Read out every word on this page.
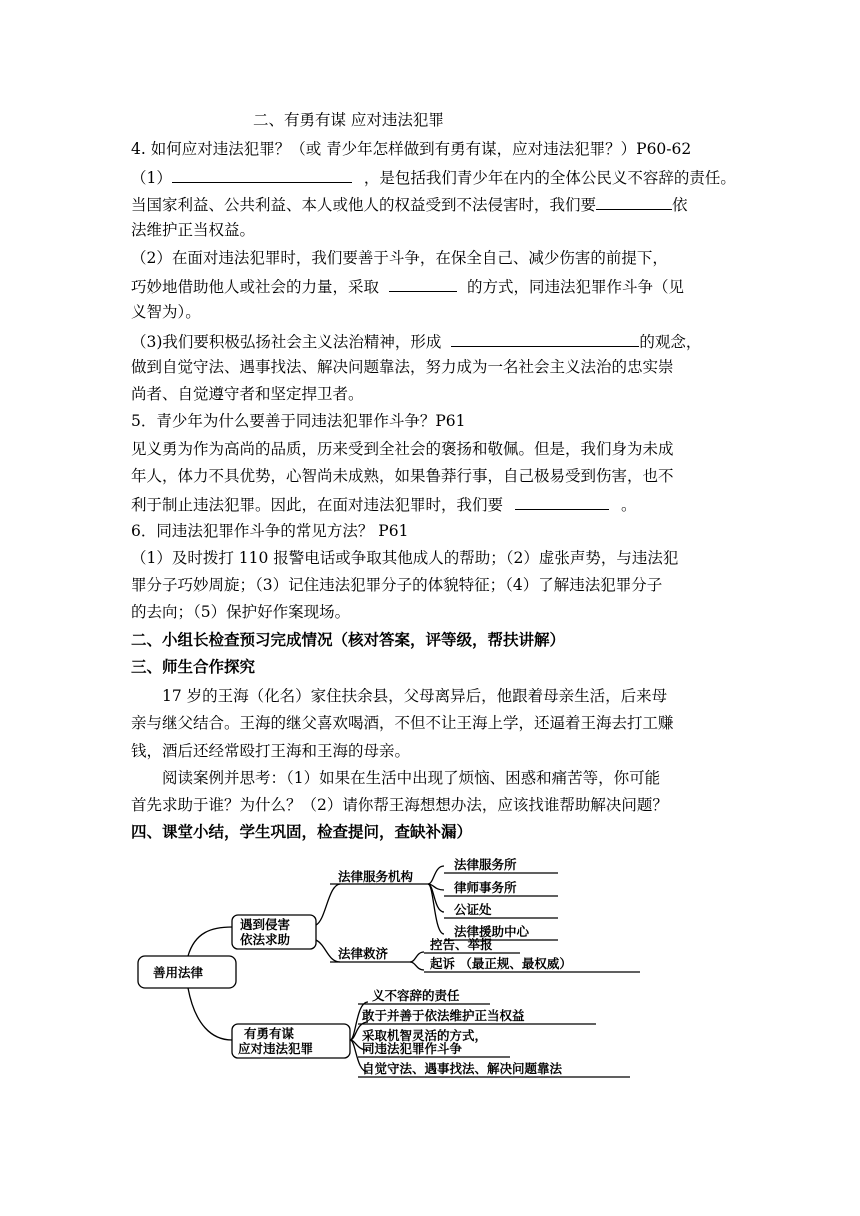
二、有勇有谋 应对违法犯罪
4. 如何应对违法犯罪？（或 青少年怎样做到有勇有谋，应对违法犯罪？）P60-62
（1）	，是包括我们青少年在内的全体公民义不容辞的责任。
当国家利益、公共利益、本人或他人的权益受到不法侵害时，我们要	依
法维护正当权益。
（2）在面对违法犯罪时，我们要善于斗争，在保全自己、减少伤害的前提下，
巧妙地借助他人或社会的力量，采取	的方式，同违法犯罪作斗争（见
义智为）。
（3)我们要积极弘扬社会主义法治精神，形成	的观念，
做到自觉守法、遇事找法、解决问题靠法，努力成为一名社会主义法治的忠实崇
尚者、自觉遵守者和坚定捍卫者。
5．青少年为什么要善于同违法犯罪作斗争？P61
见义勇为作为高尚的品质，历来受到全社会的褒扬和敬佩。但是，我们身为未成
年人，体力不具优势，心智尚未成熟，如果鲁莽行事，自己极易受到伤害，也不
利于制止违法犯罪。因此，在面对违法犯罪时，我们要	。
6．同违法犯罪作斗争的常见方法？ P61
（1）及时拨打 110 报警电话或争取其他成人的帮助；（2）虚张声势，与违法犯
罪分子巧妙周旋；（3）记住违法犯罪分子的体貌特征；（4）了解违法犯罪分子
的去向；（5）保护好作案现场。
二、小组长检查预习完成情况（核对答案，评等级，帮扶讲解）
三、师生合作探究
17 岁的王海（化名）家住扶余县，父母离异后，他跟着母亲生活，后来母
亲与继父结合。王海的继父喜欢喝酒，不但不让王海上学，还逼着王海去打工赚
钱，酒后还经常殴打王海和王海的母亲。
阅读案例并思考：（1）如果在生活中出现了烦恼、困惑和痛苦等，你可能
首先求助于谁？为什么？（2）请你帮王海想想办法，应该找谁帮助解决问题？
四、课堂小结，学生巩固，检查提问，查缺补漏）
善用法律
遇到侵害
依法求助
法律服务机构
法律服务所
律师事务所
公证处
法律援助中心
法律救济
控告、举报
起诉 （最正规、最权威）
有勇有谋
应对违法犯罪
义不容辞的责任
敢于并善于依法维护正当权益
采取机智灵活的方式，
同违法犯罪作斗争
自觉守法、遇事找法、解决问题靠法
